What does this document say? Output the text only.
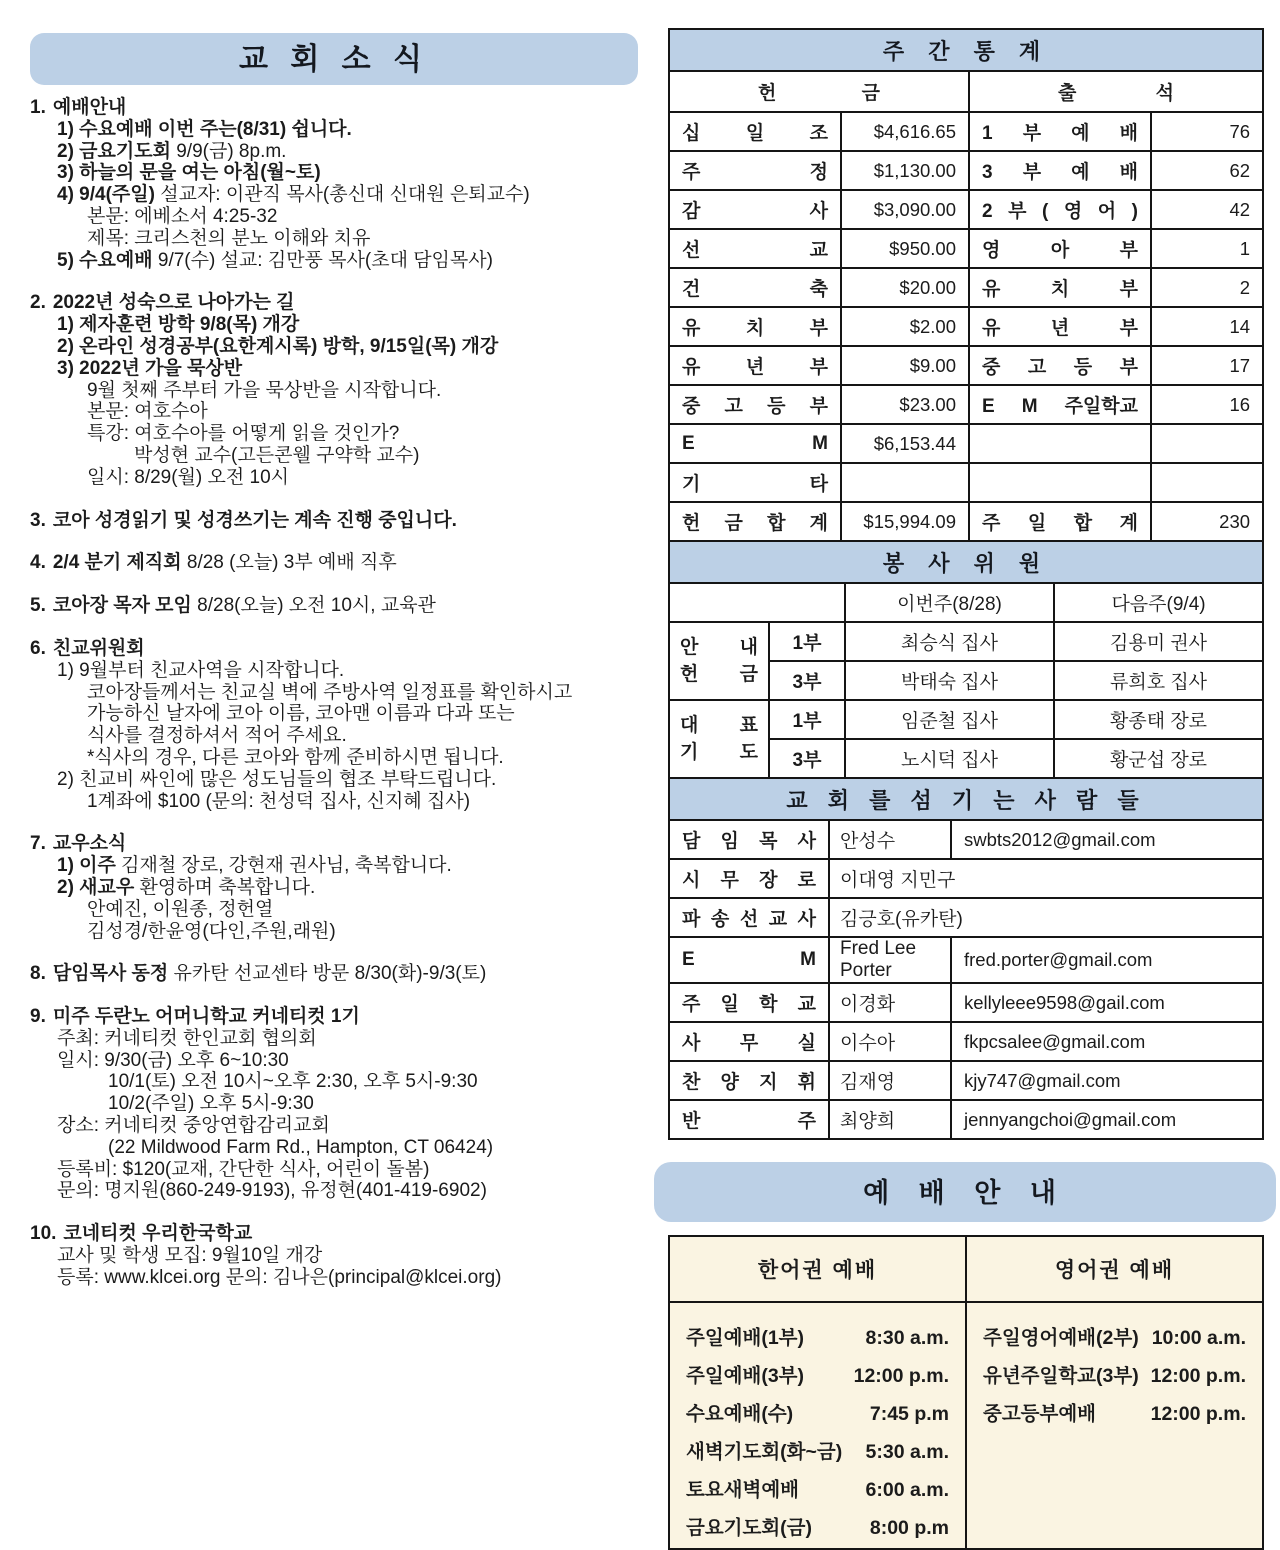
교 회 소 식
1. 예배안내
1) 수요예배 이번 주는(8/31) 쉽니다.
2) 금요기도회 9/9(금) 8p.m.
3) 하늘의 문을 여는 아침(월~토)
4) 9/4(주일) 설교자: 이관직 목사(총신대 신대원 은퇴교수)
본문: 에베소서 4:25-32
제목: 크리스천의 분노 이해와 치유
5) 수요예배 9/7(수) 설교: 김만풍 목사(초대 담임목사)
2. 2022년 성숙으로 나아가는 길
1) 제자훈련 방학 9/8(목) 개강
2) 온라인 성경공부(요한계시록) 방학, 9/15일(목) 개강
3) 2022년 가을 묵상반
9월 첫째 주부터 가을 묵상반을 시작합니다.
본문: 여호수아
특강: 여호수아를 어떻게 읽을 것인가?
박성현 교수(고든콘웰 구약학 교수)
일시: 8/29(월) 오전 10시
3. 코아 성경읽기 및 성경쓰기는 계속 진행 중입니다.
4. 2/4 분기 제직회 8/28 (오늘) 3부 예배 직후
5. 코아장 목자 모임 8/28(오늘) 오전 10시, 교육관
6. 친교위원회
1) 9월부터 친교사역을 시작합니다.
코아장들께서는 친교실 벽에 주방사역 일정표를 확인하시고
가능하신 날자에 코아 이름, 코아맨 이름과 다과 또는
식사를 결정하셔서 적어 주세요.
*식사의 경우, 다른 코아와 함께 준비하시면 됩니다.
2) 친교비 싸인에 많은 성도님들의 협조 부탁드립니다.
1계좌에 $100 (문의: 천성덕 집사, 신지혜 집사)
7. 교우소식
1) 이주 김재철 장로, 강현재 권사님, 축복합니다.
2) 새교우 환영하며 축복합니다.
안예진, 이원종, 정헌열
김성경/한윤영(다인,주원,래원)
8. 담임목사 동정 유카탄 선교센타 방문 8/30(화)-9/3(토)
9. 미주 두란노 어머니학교 커네티컷 1기
주최: 커네티컷 한인교회 협의회
일시: 9/30(금) 오후 6~10:30
10/1(토) 오전 10시~오후 2:30, 오후 5시-9:30
10/2(주일) 오후 5시-9:30
장소: 커네티컷 중앙연합감리교회
(22 Mildwood Farm Rd., Hampton, CT 06424)
등록비: $120(교재, 간단한 식사, 어린이 돌봄)
문의: 명지원(860-249-9193), 유정현(401-419-6902)
10. 코네티컷 우리한국학교
교사 및 학생 모집: 9월10일 개강
등록: www.klcei.org 문의: 김나은(principal@klcei.org)
주 간 통 계			
헌 금		출 석	
십 일 조	$4,616.65	1 부 예 배	76
주 정	$1,130.00	3 부 예 배	62
감 사	$3,090.00	2 부 ( 영 어 )	42
선 교	$950.00	영 아 부	1
건 축	$20.00	유 치 부	2
유 치 부	$2.00	유 년 부	14
유 년 부	$9.00	중 고 등 부	17
중 고 등 부	$23.00	E M 주일학교	16
E M	$6,153.44		
기 타			
헌 금 합 계	$15,994.09	주 일 합 계	230
봉 사 위 원			
		이번주(8/28)	다음주(9/4)

안 내
헌 금	1부	최승식 집사	김용미 권사
	3부	박태숙 집사	류희호 집사

대 표
기 도	1부	임준철 집사	황종태 장로
	3부	노시덕 집사	황군섭 장로
교 회 를 섬 기 는 사 람 들		
담 임 목 사	안성수	swbts2012@gmail.com
시 무 장 로	이대영 지민구	
파 송 선 교 사	김긍호(유카탄)	
E M	Fred Lee Porter	fred.porter@gmail.com
주 일 학 교	이경화	kellyleee9598@gail.com
사 무 실	이수아	fkpcsalee@gmail.com
찬 양 지 휘	김재영	kjy747@gmail.com
반 주	최양희	jennyangchoi@gmail.com
예 배 안 내
한어권 예배	영어권 예배

주일예배(1부)	8:30 a.m.
주일예배(3부)	12:00 p.m.
수요예배(수)	7:45 p.m
새벽기도회(화~금) 5:30 a.m.
토요새벽예배	6:00 a.m.
금요기도회(금)	8:00 p.m

주일영어예배(2부) 10:00 a.m.
유년주일학교(3부) 12:00 p.m.
중고등부예배	12:00 p.m.
